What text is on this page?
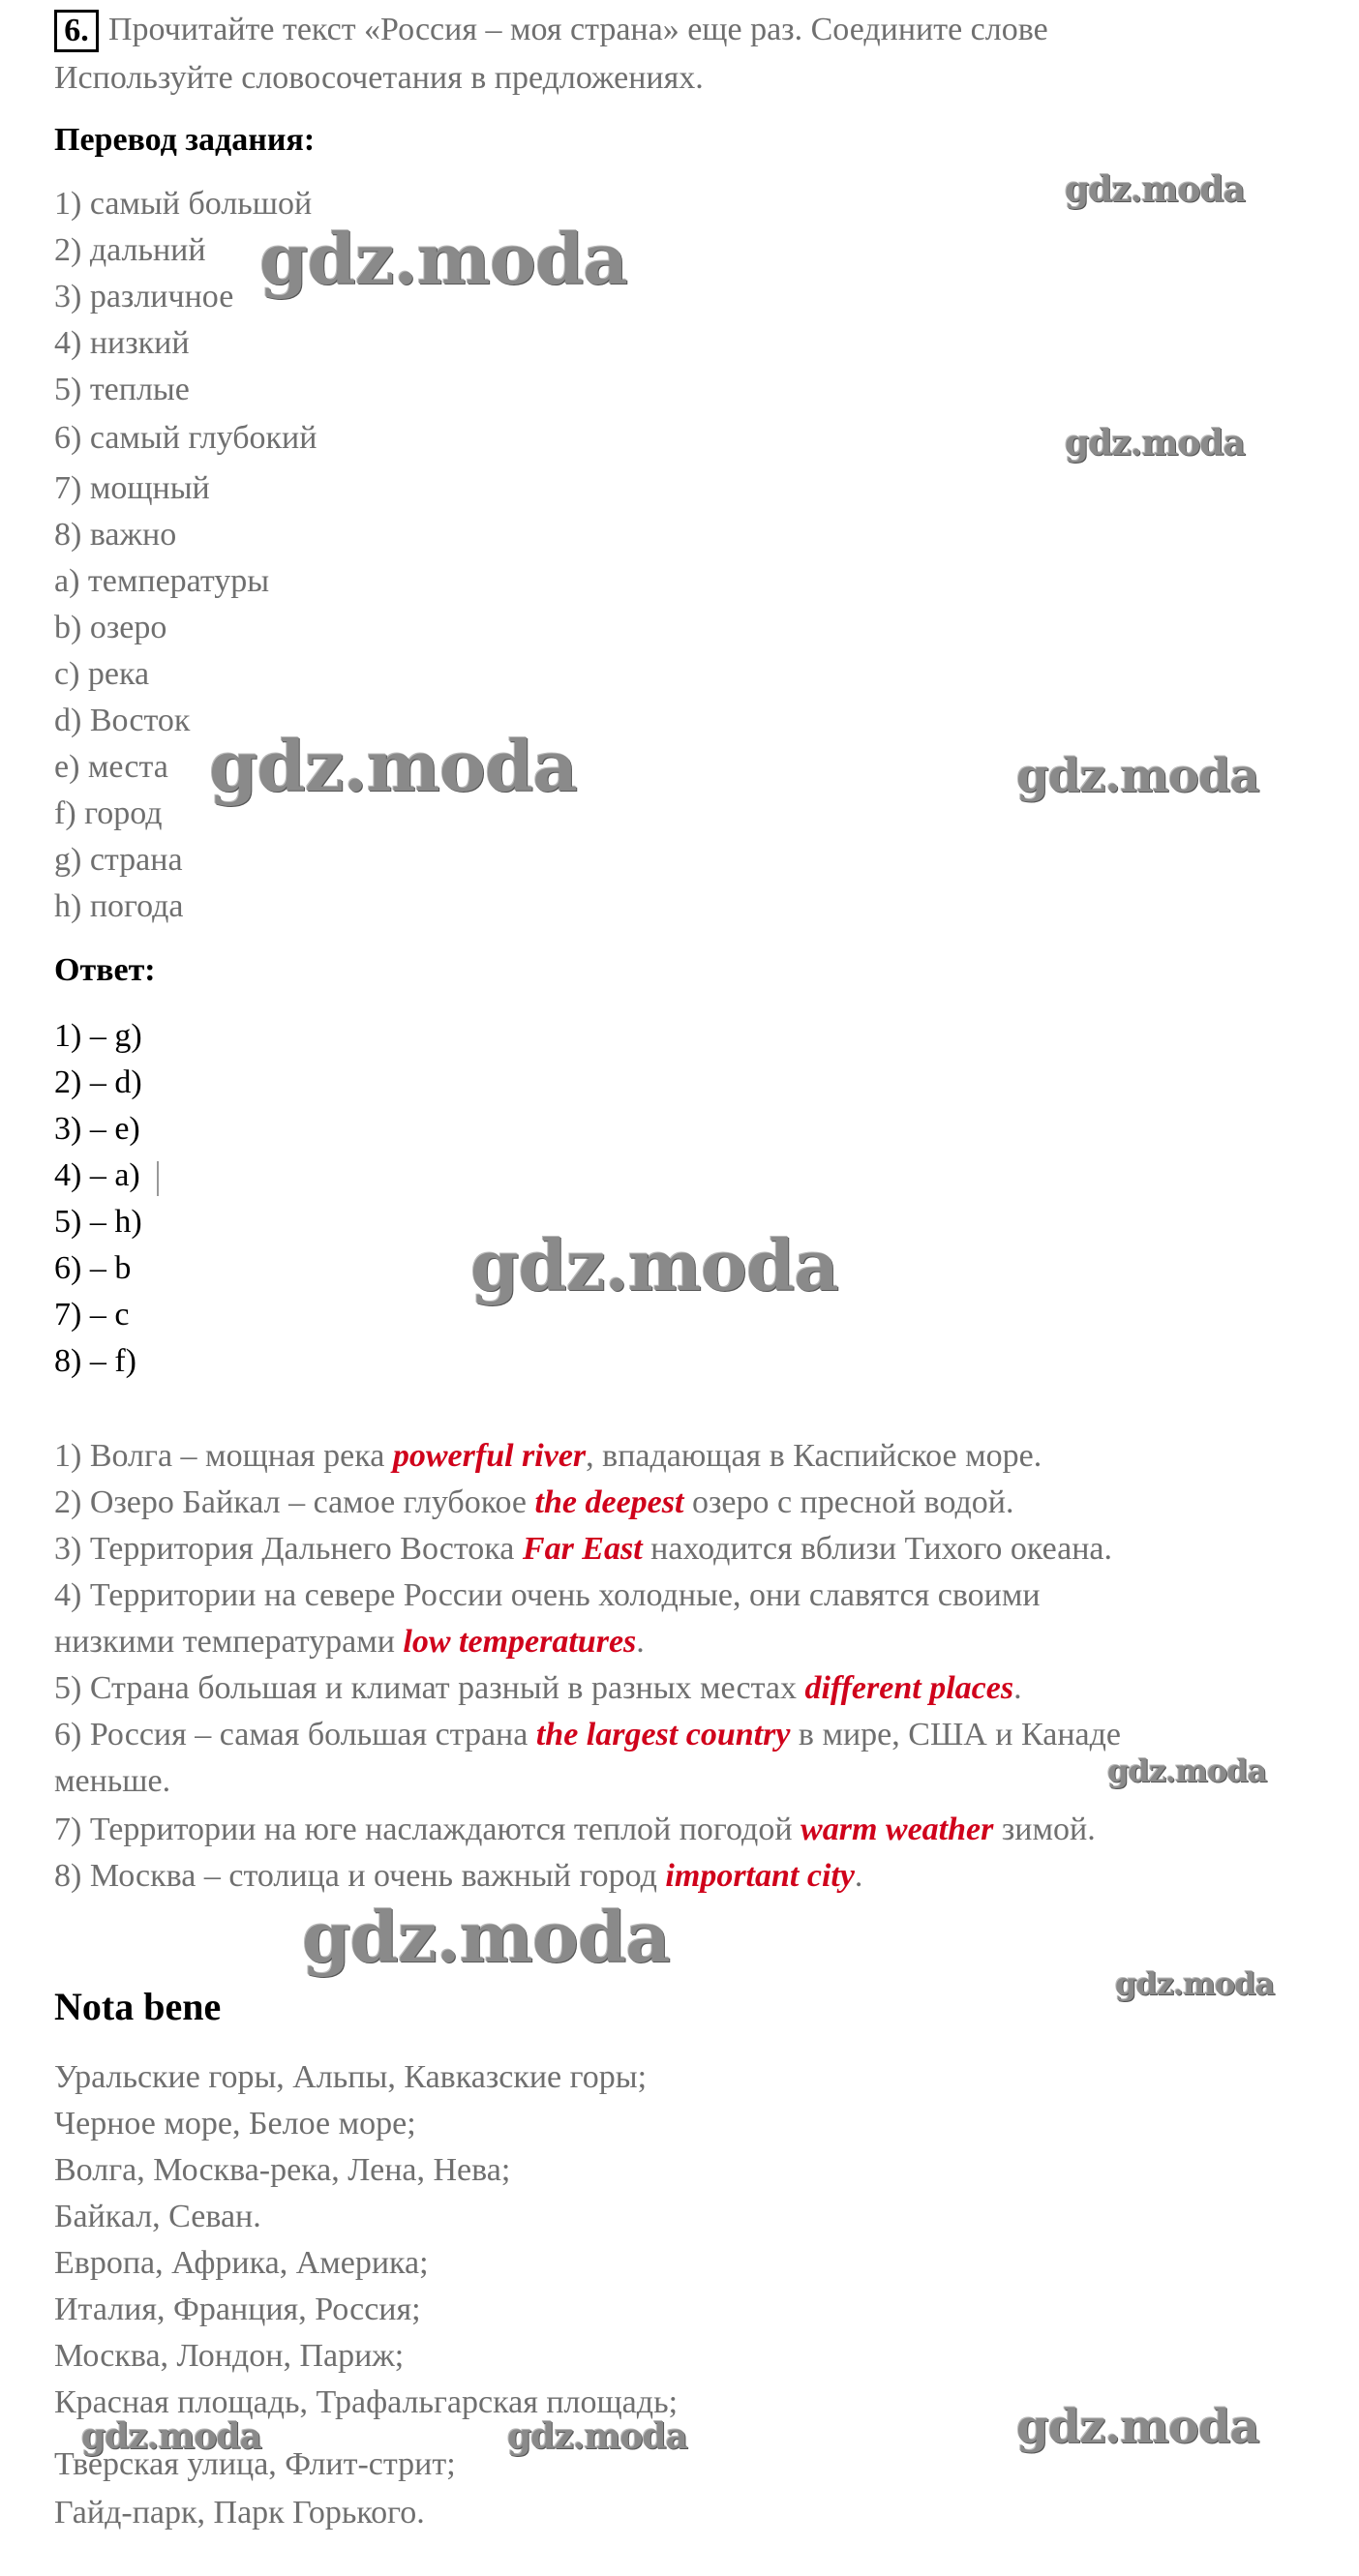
6. Прочитайте текст «Россия – моя страна» еще раз. Соедините слове
Используйте словосочетания в предложениях.
Перевод задания:
1) самый большой
2) дальний
3) различное
4) низкий
5) теплые
6) самый глубокий
7) мощный
8) важно
a) температуры
b) озеро
c) река
d) Восток
e) места
f) город
g) страна
h) погода
Ответ:
1) – g)
2) – d)
3) – e)
4) – a)
5) – h)
6) – b
7) – c
8) – f)
1) Волга – мощная река powerful river, впадающая в Каспийское море.
2) Озеро Байкал – самое глубокое the deepest озеро с пресной водой.
3) Территория Дальнего Востока Far East находится вблизи Тихого океана.
4) Территории на севере России очень холодные, они славятся своими
низкими температурами low temperatures.
5) Страна большая и климат разный в разных местах different places.
6) Россия – самая большая страна the largest country в мире, США и Канаде
меньше.
7) Территории на юге наслаждаются теплой погодой warm weather зимой.
8) Москва – столица и очень важный город important city.
Nota bene
Уральские горы, Альпы, Кавказские горы;
Черное море, Белое море;
Волга, Москва-река, Лена, Нева;
Байкал, Севан.
Европа, Африка, Америка;
Италия, Франция, Россия;
Москва, Лондон, Париж;
Красная площадь, Трафальгарская площадь;
Тверская улица, Флит-стрит;
Гайд-парк, Парк Горького.
gdz.moda
gdz.moda
gdz.moda
gdz.moda	gdz.moda
gdz.moda
gdz.moda
gdz.moda
gdz.moda
gdz.moda	gdz.moda	gdz.moda
